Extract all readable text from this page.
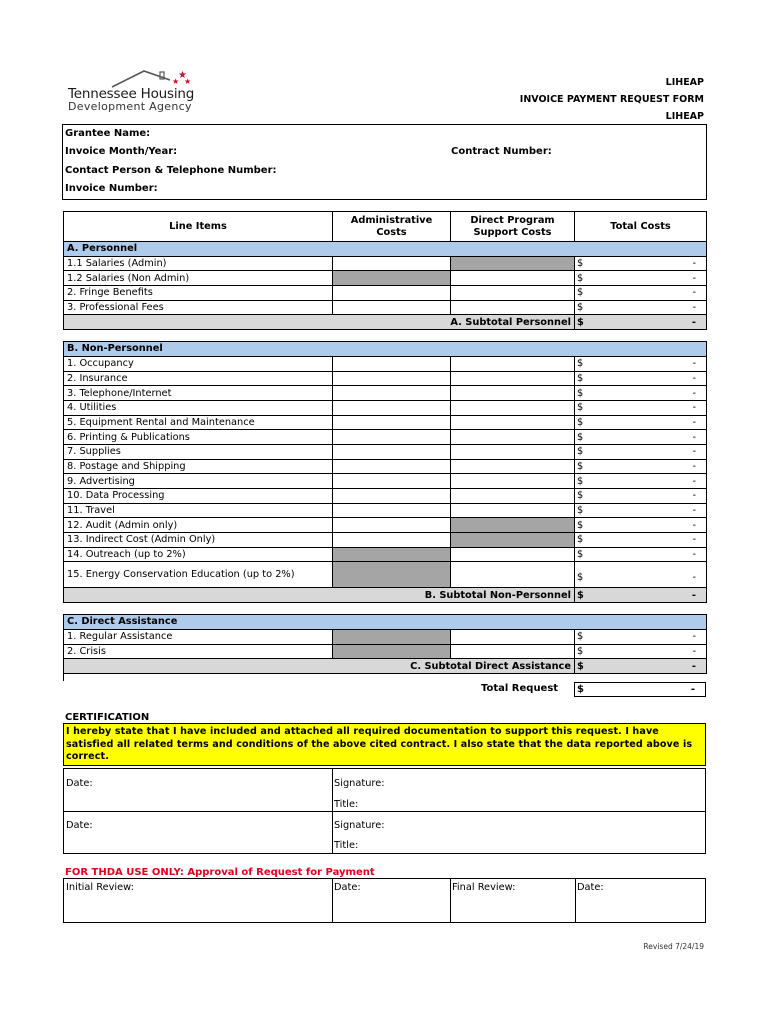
★
★ ★
Tennessee Housing
Development Agency
LIHEAP
INVOICE PAYMENT REQUEST FORM
LIHEAP
Grantee Name:
Invoice Month/Year:	Contract Number:
Contact Person & Telephone Number:
Invoice Number:
Line Items	Administrative Costs	Direct Program Support Costs	Total Costs
A. Personnel			
1.1 Salaries (Admin)			$ -

1.2 Salaries (Non Admin)			$ -

2. Fringe Benefits			$ -

3. Professional Fees			$ -

A. Subtotal Personnel			$ -

B. Non-Personnel			
1. Occupancy			$ -

2. Insurance			$ -

3. Telephone/Internet			$ -

4. Utilities			$ -

5. Equipment Rental and Maintenance			$ -

6. Printing & Publications			$ -

7. Supplies			$ -

8. Postage and Shipping			$ -

9. Advertising			$ -

10. Data Processing			$ -

11. Travel			$ -

12. Audit (Admin only)			$ -

13. Indirect Cost (Admin Only)			$ -

14. Outreach (up to 2%)			$ -

15. Energy Conservation Education (up to 2%)			$ -

B. Subtotal Non-Personnel			$ -

C. Direct Assistance			
1. Regular Assistance			$ -

2. Crisis			$ -

C. Subtotal Direct Assistance			$ -
Total Request $	-
CERTIFICATION
I hereby state that I have included and attached all required documentation to support this request. I have satisfied all related terms and conditions of the above cited contract. I also state that the data reported above is correct.
Date:	Signature:
Title:
Date:	Signature:
Title:
FOR THDA USE ONLY: Approval of Request for Payment
Initial Review:	Date:	Final Review:	Date:
Revised 7/24/19
